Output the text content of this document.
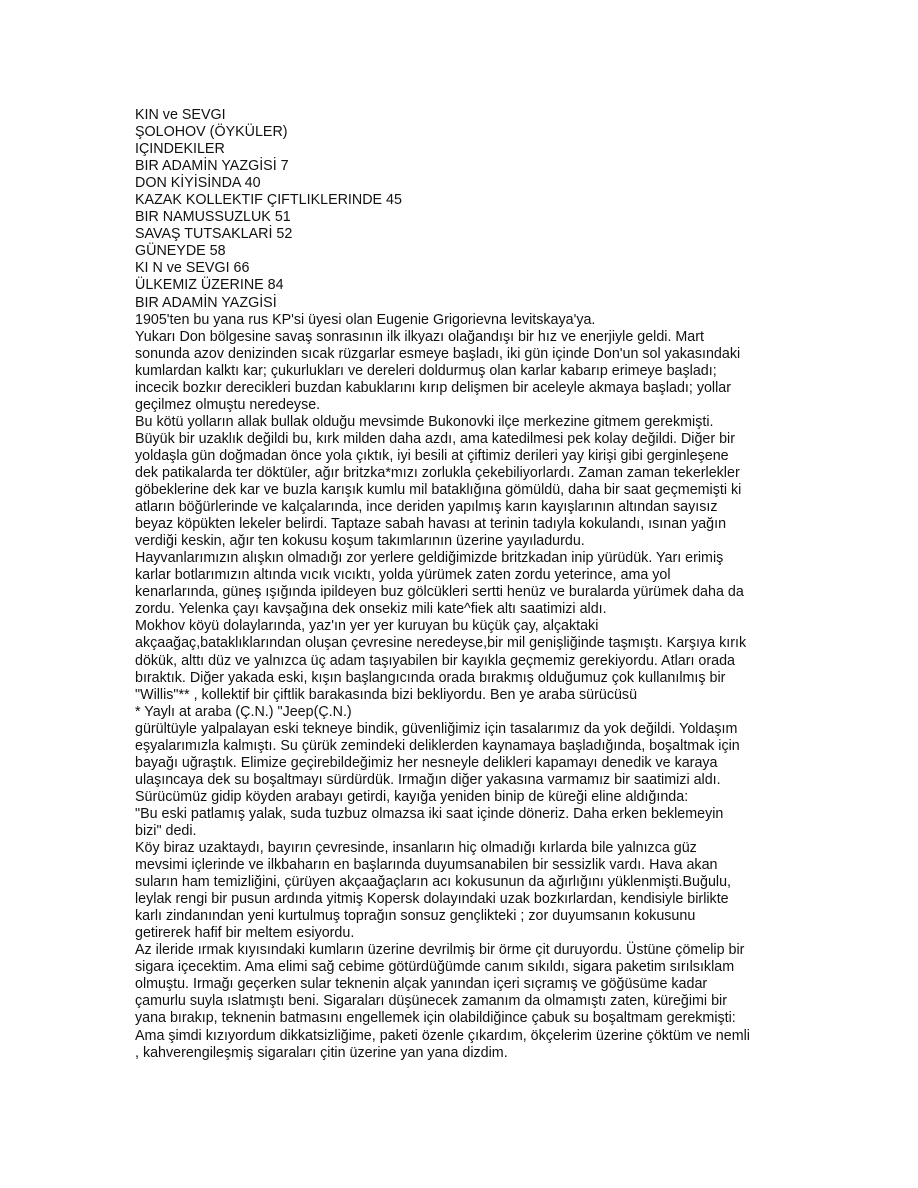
KIN ve SEVGI
ŞOLOHOV (ÖYKÜLER)
IÇINDEKILER
BIR ADAMİN YAZGİSİ 7
DON KİYİSİNDA 40
KAZAK KOLLEKTIF ÇIFTLIKLERINDE 45
BIR NAMUSSUZLUK 51
SAVAŞ TUTSAKLARİ 52
GÜNEYDE 58
KI N ve SEVGI 66
ÜLKEMIZ ÜZERINE 84
BIR ADAMİN YAZGİSİ
1905'ten bu yana rus KP'si üyesi olan Eugenie Grigorievna levitskaya'ya.

Yukarı Don bölgesine savaş sonrasının ilk ilkyazı olağandışı bir hız ve enerjiyle geldi. Mart
sonunda azov denizinden sıcak rüzgarlar esmeye başladı, iki gün içinde Don'un sol yakasındaki
kumlardan kalktı kar; çukurlukları ve dereleri doldurmuş olan karlar kabarıp erimeye başladı;
incecik bozkır derecikleri buzdan kabuklarını kırıp delişmen bir aceleyle akmaya başladı; yollar
geçilmez olmuştu neredeyse.

Bu kötü yolların allak bullak olduğu mevsimde Bukonovki ilçe merkezine gitmem gerekmişti.
Büyük bir uzaklık değildi bu, kırk milden daha azdı, ama katedilmesi pek kolay değildi. Diğer bir
yoldaşla gün doğmadan önce yola çıktık, iyi besili at çiftimiz derileri yay kirişi gibi gerginleşene
dek patikalarda ter döktüler, ağır britzka*mızı zorlukla çekebiliyorlardı. Zaman zaman tekerlekler
göbeklerine dek kar ve buzla karışık kumlu mil bataklığına gömüldü, daha bir saat geçmemişti ki
atların böğürlerinde ve kalçalarında, ince deriden yapılmış karın kayışlarının altından sayısız
beyaz köpükten lekeler belirdi. Taptaze sabah havası at terinin tadıyla kokulandı, ısınan yağın
verdiği keskin, ağır ten kokusu koşum takımlarının üzerine yayıladurdu.

Hayvanlarımızın alışkın olmadığı zor yerlere geldiğimizde britzkadan inip yürüdük. Yarı erimiş
karlar botlarımızın altında vıcık vıcıktı, yolda yürümek zaten zordu yeterince, ama yol
kenarlarında, güneş ışığında ipildeyen buz gölcükleri sertti henüz ve buralarda yürümek daha da
zordu. Yelenka çayı kavşağına dek onsekiz mili kate^fiek altı saatimizi aldı.

Mokhov köyü dolaylarında, yaz'ın yer yer kuruyan bu küçük çay, alçaktaki
akçaağaç,bataklıklarından oluşan çevresine neredeyse,bir mil genişliğinde taşmıştı. Karşıya kırık
dökük, alttı düz ve yalnızca üç adam taşıyabilen bir kayıkla geçmemiz gerekiyordu. Atları orada
bıraktık. Diğer yakada eski, kışın başlangıcında orada bırakmış olduğumuz çok kullanılmış bir
"Willis"** , kollektif bir çiftlik barakasında bizi bekliyordu. Ben ye araba sürücüsü

* Yaylı at araba (Ç.N.) "Jeep(Ç.N.)

gürültüyle yalpalayan eski tekneye bindik, güvenliğimiz için tasalarımız da yok değildi. Yoldaşım
eşyalarımızla kalmıştı. Su çürük zemindeki deliklerden kaynamaya başladığında, boşaltmak için
bayağı uğraştık. Elimize geçirebildeğimiz her nesneyle delikleri kapamayı denedik ve karaya
ulaşıncaya dek su boşaltmayı sürdürdük. Irmağın diğer yakasına varmamız bir saatimizi aldı.
Sürücümüz gidip köyden arabayı getirdi, kayığa yeniden binip de küreği eline aldığında:

"Bu eski patlamış yalak, suda tuzbuz olmazsa iki saat içinde döneriz. Daha erken beklemeyin
bizi" dedi.

Köy biraz uzaktaydı, bayırın çevresinde, insanların hiç olmadığı kırlarda bile yalnızca güz
mevsimi içlerinde ve ilkbaharın en başlarında duyumsanabilen bir sessizlik vardı. Hava akan
suların ham temizliğini, çürüyen akçaağaçların acı kokusunun da ağırlığını yüklenmişti.Buğulu,
leylak rengi bir pusun ardında yitmiş Kopersk dolayındaki uzak bozkırlardan, kendisiyle birlikte
karlı zindanından yeni kurtulmuş toprağın sonsuz gençlikteki ; zor duyumsanın kokusunu
getirerek hafif bir meltem esiyordu.

Az ileride ırmak kıyısındaki kumların üzerine devrilmiş bir örme çit duruyordu. Üstüne çömelip bir
sigara içecektim. Ama elimi sağ cebime götürdüğümde canım sıkıldı, sigara paketim sırılsıklam
olmuştu. Irmağı geçerken sular teknenin alçak yanından içeri sıçramış ve göğüsüme kadar
çamurlu suyla ıslatmıştı beni. Sigaraları düşünecek zamanım da olmamıştı zaten, küreğimi bir
yana bırakıp, teknenin batmasını engellemek için olabildiğince çabuk su boşaltmam gerekmişti:
Ama şimdi kızıyordum dikkatsizliğime, paketi özenle çıkardım, ökçelerim üzerine çöktüm ve nemli
, kahverengileşmiş sigaraları çitin üzerine yan yana dizdim.
